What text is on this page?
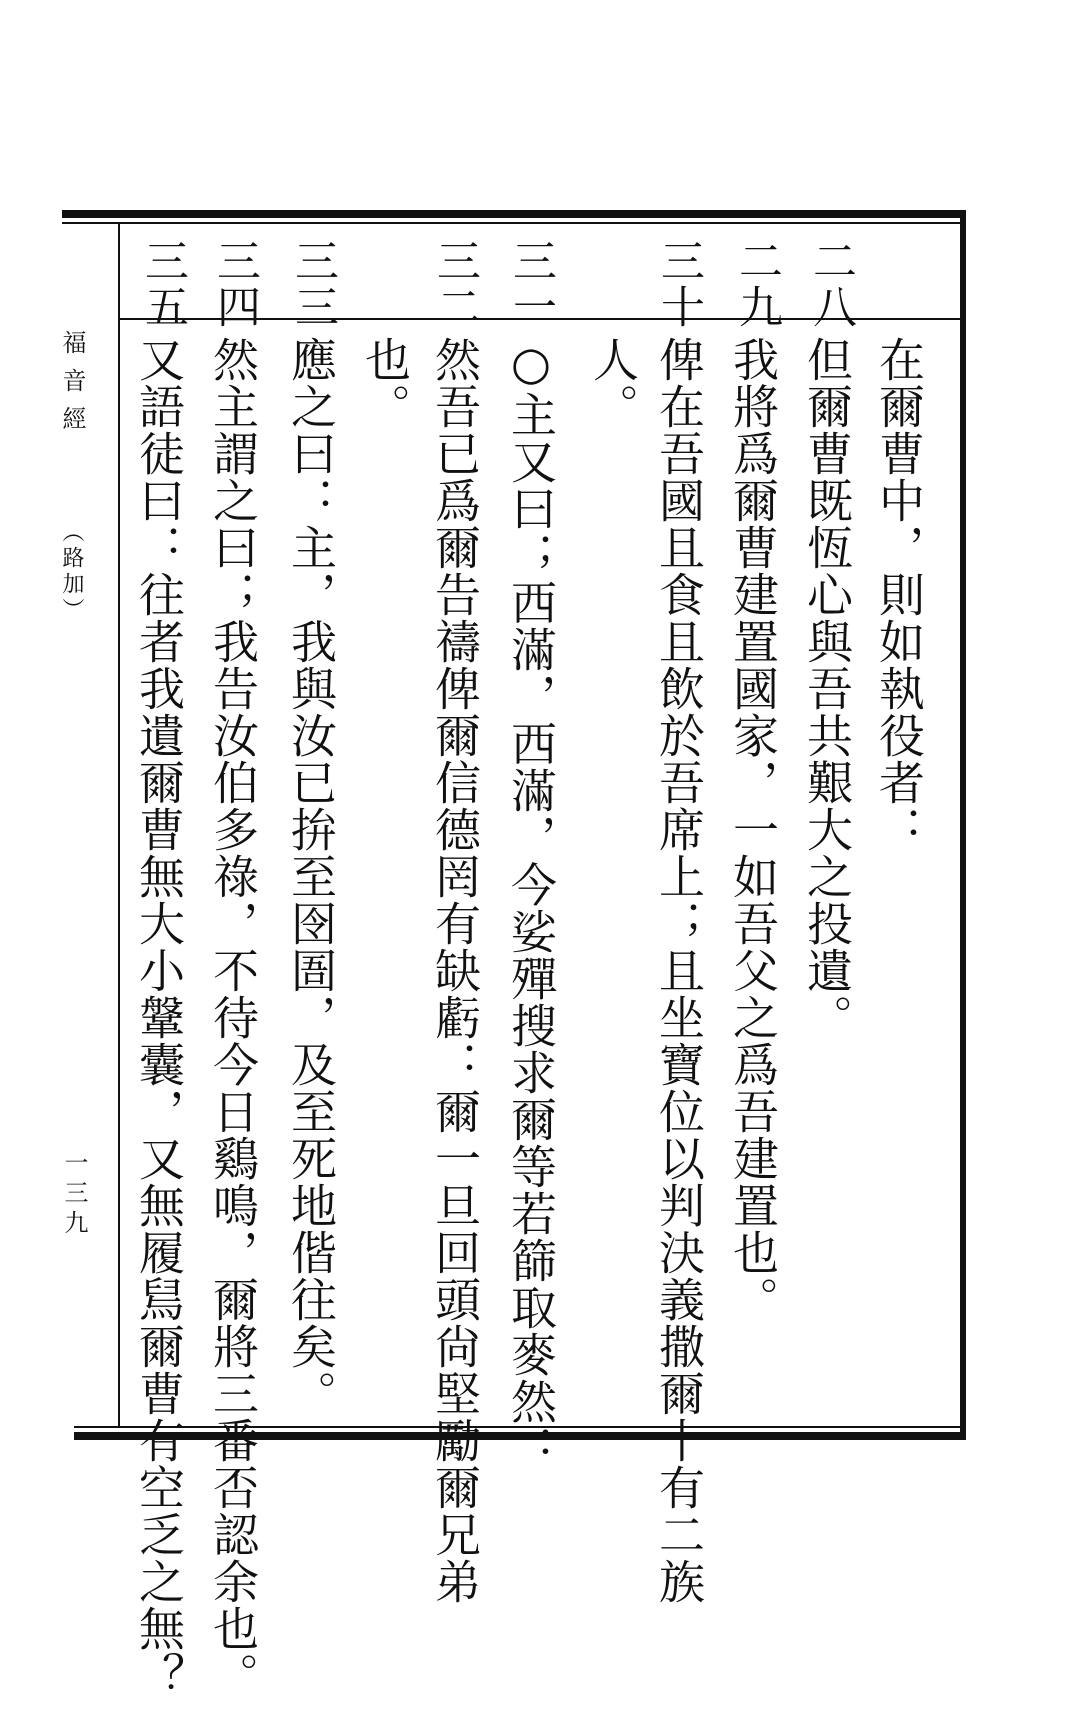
福音經
（路加）
一三九
二八
二九
三十
三一
三二
三三
三四
三五
在爾曹中，則如執役者：
但爾曹既恆心與吾共艱大之投遺。
我將爲爾曹建置國家，一如吾父之爲吾建置也。
俾在吾國且食且飲於吾席上；且坐寶位以判決義撒爾十有二族
人。
○主又曰；西滿，西滿，今娑殫搜求爾等若篩取麥然：
然吾已爲爾告禱俾爾信德罔有缺虧：爾一旦回頭尙堅勵爾兄弟
也。
應之曰：主，我與汝已拚至囹圄，及至死地偕往矣。
然主謂之曰；我告汝伯多祿，不待今日鷄鳴，爾將三番否認余也。
又語徒曰：往者我遺爾曹無大小鞶囊，又無履舃爾曹有空乏之無？
